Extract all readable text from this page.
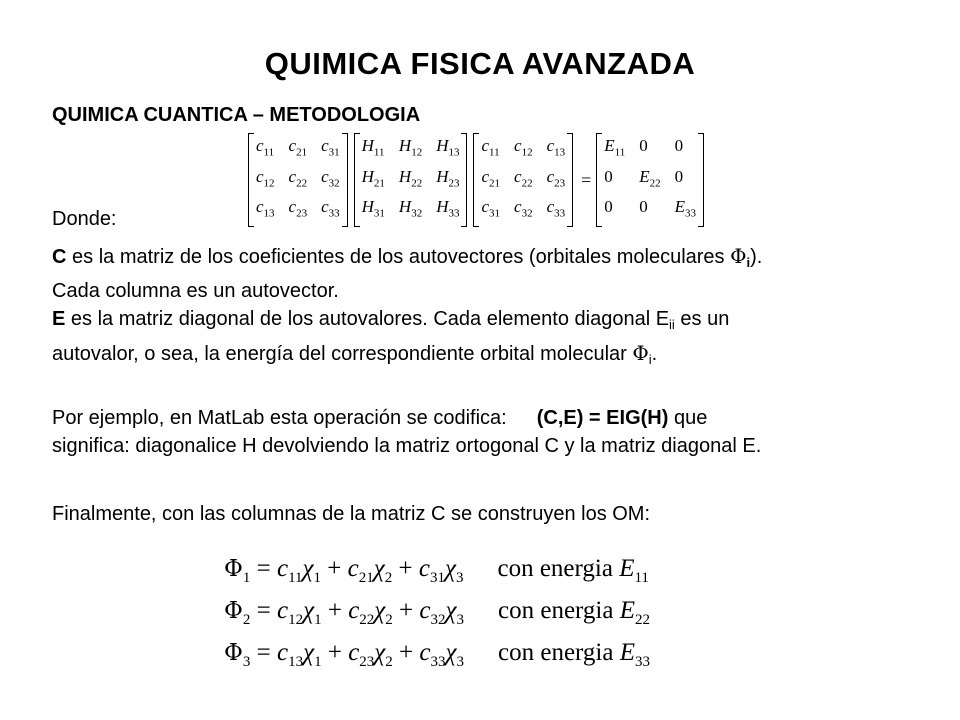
QUIMICA FISICA AVANZADA
QUIMICA CUANTICA – METODOLOGIA
$c_{11}$ $c_{21}$ $c_{31}$
$c_{12}$ $c_{22}$ $c_{32}$
$c_{13}$ $c_{23}$ $c_{33}$
$H_{11}$ $H_{12}$ $H_{13}$
$H_{21}$ $H_{22}$ $H_{23}$
$H_{31}$ $H_{32}$ $H_{33}$
$c_{11}$ $c_{12}$ $c_{13}$
$c_{21}$ $c_{22}$ $c_{23}$
$c_{31}$ $c_{32}$ $c_{33}$
=
$E_{11}$ 0	0
0	$E_{22}$ 0
0	0	$E_{33}$
Donde:
C es la matriz de los coeficientes de los autovectores (orbitales moleculares $\Phi_i$).
Cada columna es un autovector.
E es la matriz diagonal de los autovalores. Cada elemento diagonal $E_{ii}$ es un
autovalor, o sea, la energía del correspondiente orbital molecular $\Phi_i$.
Por ejemplo, en MatLab esta operación se codifica: (C,E) = EIG(H) que
significa: diagonalice H devolviendo la matriz ortogonal C y la matriz diagonal E.
Finalmente, con las columnas de la matriz C se construyen los OM:
$\Phi_1 = c_{11}\chi_1 + c_{21}\chi_2 + c_{31}\chi_3$ con energia $E_{11}$
$\Phi_2 = c_{12}\chi_1 + c_{22}\chi_2 + c_{32}\chi_3$ con energia $E_{22}$
$\Phi_3 = c_{13}\chi_1 + c_{23}\chi_2 + c_{33}\chi_3$ con energia $E_{33}$
